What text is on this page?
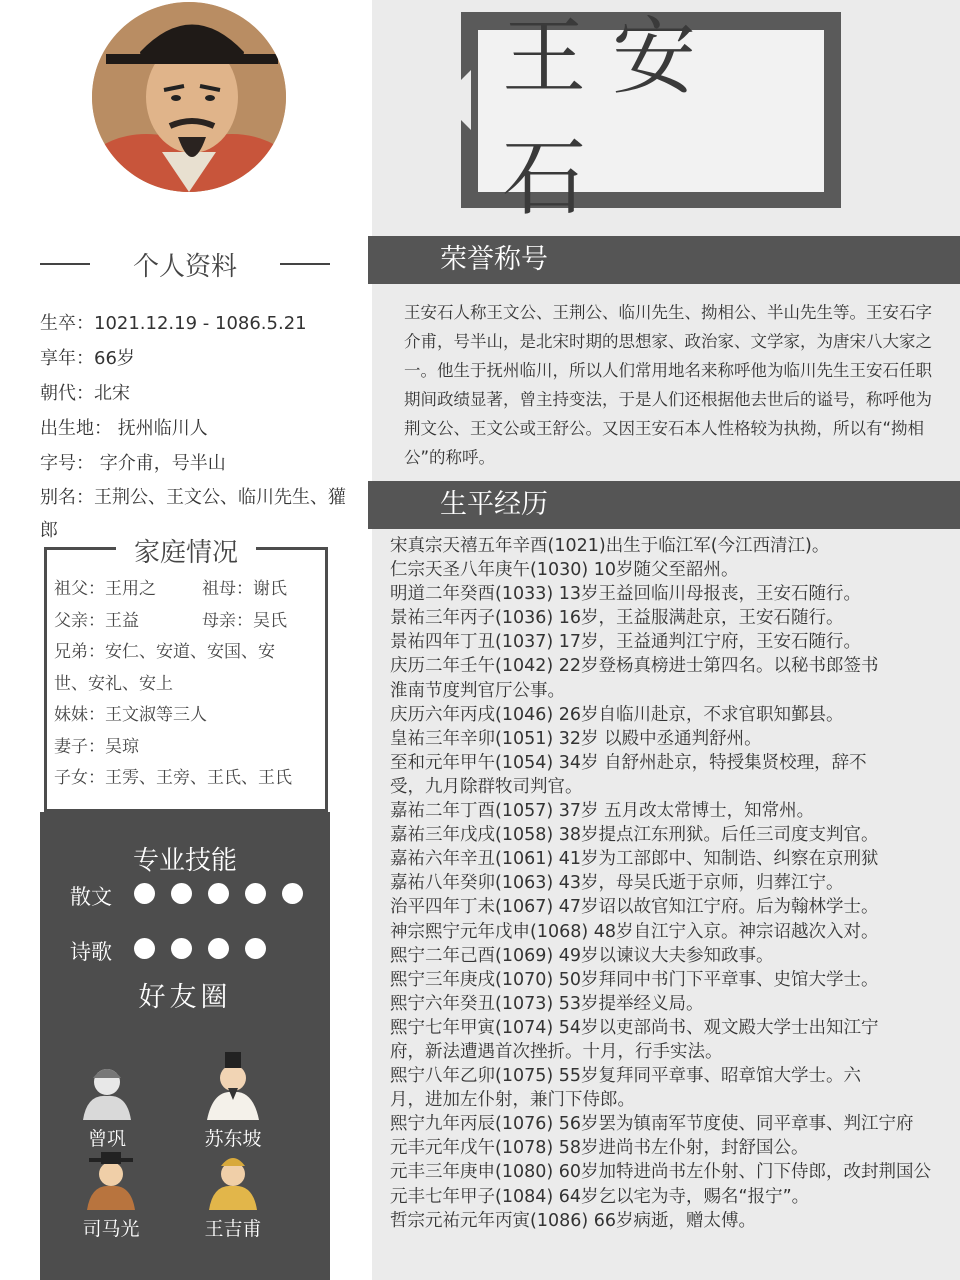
王安石
荣誉称号
王安石人称王文公、王荆公、临川先生、拗相公、半山先生等。王安石字介甫，号半山，是北宋时期的思想家、政治家、文学家，为唐宋八大家之一。他生于抚州临川，所以人们常用地名来称呼他为临川先生王安石任职期间政绩显著，曾主持变法，于是人们还根据他去世后的谥号，称呼他为荆文公、王文公或王舒公。又因王安石本人性格较为执拗，所以有“拗相公”的称呼。
生平经历
宋真宗天禧五年辛酉(1021)出生于临江军(今江西清江)。
仁宗天圣八年庚午(1030) 10岁随父至韶州。
明道二年癸酉(1033) 13岁王益回临川母报丧，王安石随行。
景祐三年丙子(1036) 16岁，王益服满赴京，王安石随行。
景祐四年丁丑(1037) 17岁，王益通判江宁府，王安石随行。
庆历二年壬午(1042) 22岁登杨真榜进士第四名。以秘书郎签书
淮南节度判官厅公事。
庆历六年丙戌(1046) 26岁自临川赴京，不求官职知鄞县。
皇祐三年辛卯(1051) 32岁 以殿中丞通判舒州。
至和元年甲午(1054) 34岁 自舒州赴京，特授集贤校理，辞不
受，九月除群牧司判官。
嘉祐二年丁酉(1057) 37岁 五月改太常博士，知常州。
嘉祐三年戊戌(1058) 38岁提点江东刑狱。后任三司度支判官。
嘉祐六年辛丑(1061) 41岁为工部郎中、知制诰、纠察在京刑狱
嘉祐八年癸卯(1063) 43岁，母吴氏逝于京师，归葬江宁。
治平四年丁未(1067) 47岁诏以故官知江宁府。后为翰林学士。
神宗熙宁元年戊申(1068) 48岁自江宁入京。神宗诏越次入对。
熙宁二年己酉(1069) 49岁以谏议大夫参知政事。
熙宁三年庚戌(1070) 50岁拜同中书门下平章事、史馆大学士。
熙宁六年癸丑(1073) 53岁提举经义局。
熙宁七年甲寅(1074) 54岁以吏部尚书、观文殿大学士出知江宁
府，新法遭遇首次挫折。十月，行手实法。
熙宁八年乙卯(1075) 55岁复拜同平章事、昭章馆大学士。六
月，进加左仆射，兼门下侍郎。
熙宁九年丙辰(1076) 56岁罢为镇南军节度使、同平章事、判江宁府
元丰元年戊午(1078) 58岁进尚书左仆射，封舒国公。
元丰三年庚申(1080) 60岁加特进尚书左仆射、门下侍郎，改封荆国公
元丰七年甲子(1084) 64岁乞以宅为寺，赐名“报宁”。
哲宗元祐元年丙寅(1086) 66岁病逝，赠太傅。
个人资料
生卒：1021.12.19 - 1086.5.21
享年：66岁
朝代：北宋
出生地： 抚州临川人
字号： 字介甫，号半山
别名：王荆公、王文公、临川先生、獾郎
家庭情况
祖父：王用之	祖母：谢氏
父亲：王益	母亲：吴氏
兄弟：安仁、安道、安国、安
世、安礼、安上
妹妹：王文淑等三人
妻子：吴琼
子女：王雱、王旁、王氏、王氏
专业技能
散文
诗歌
好友圈
曾巩	苏东坡
司马光	王吉甫
